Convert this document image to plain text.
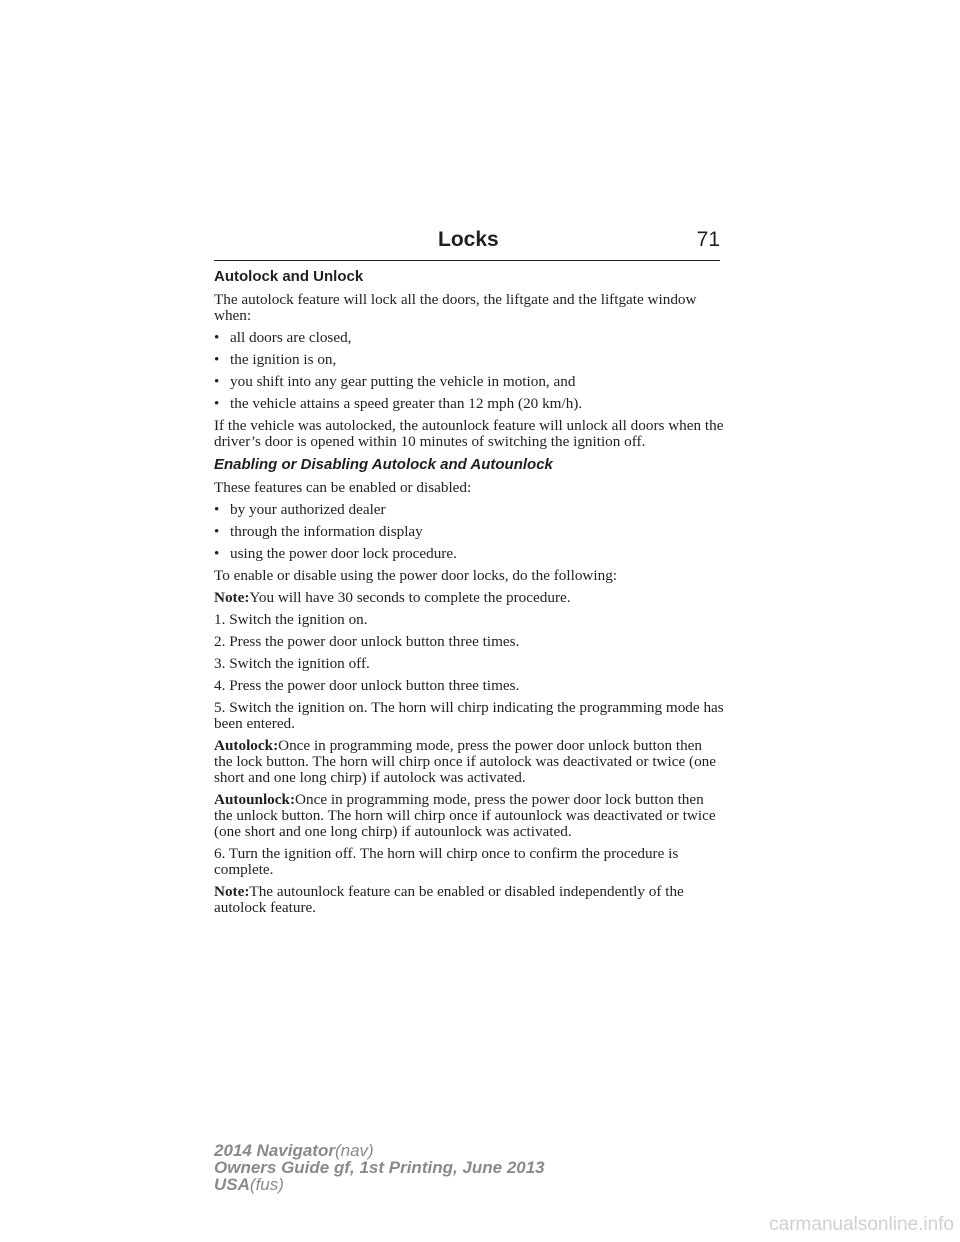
Locks	71

Autolock and Unlock

The autolock feature will lock all the doors, the liftgate and the liftgate window when:

• all doors are closed,

• the ignition is on,

• you shift into any gear putting the vehicle in motion, and

• the vehicle attains a speed greater than 12 mph (20 km/h).

If the vehicle was autolocked, the autounlock feature will unlock all doors when the driver’s door is opened within 10 minutes of switching the ignition off.

Enabling or Disabling Autolock and Autounlock

These features can be enabled or disabled:

• by your authorized dealer

• through the information display

• using the power door lock procedure.

To enable or disable using the power door locks, do the following:

Note:You will have 30 seconds to complete the procedure.

1. Switch the ignition on.

2. Press the power door unlock button three times.

3. Switch the ignition off.

4. Press the power door unlock button three times.

5. Switch the ignition on. The horn will chirp indicating the programming mode has been entered.

Autolock:Once in programming mode, press the power door unlock button then the lock button. The horn will chirp once if autolock was deactivated or twice (one short and one long chirp) if autolock was activated.

Autounlock:Once in programming mode, press the power door lock button then the unlock button. The horn will chirp once if autounlock was deactivated or twice (one short and one long chirp) if autounlock was activated.

6. Turn the ignition off. The horn will chirp once to confirm the procedure is complete.

Note:The autounlock feature can be enabled or disabled independently of the autolock feature.

2014 Navigator(nav)
Owners Guide gf, 1st Printing, June 2013
USA(fus)
carmanualsonline.info
